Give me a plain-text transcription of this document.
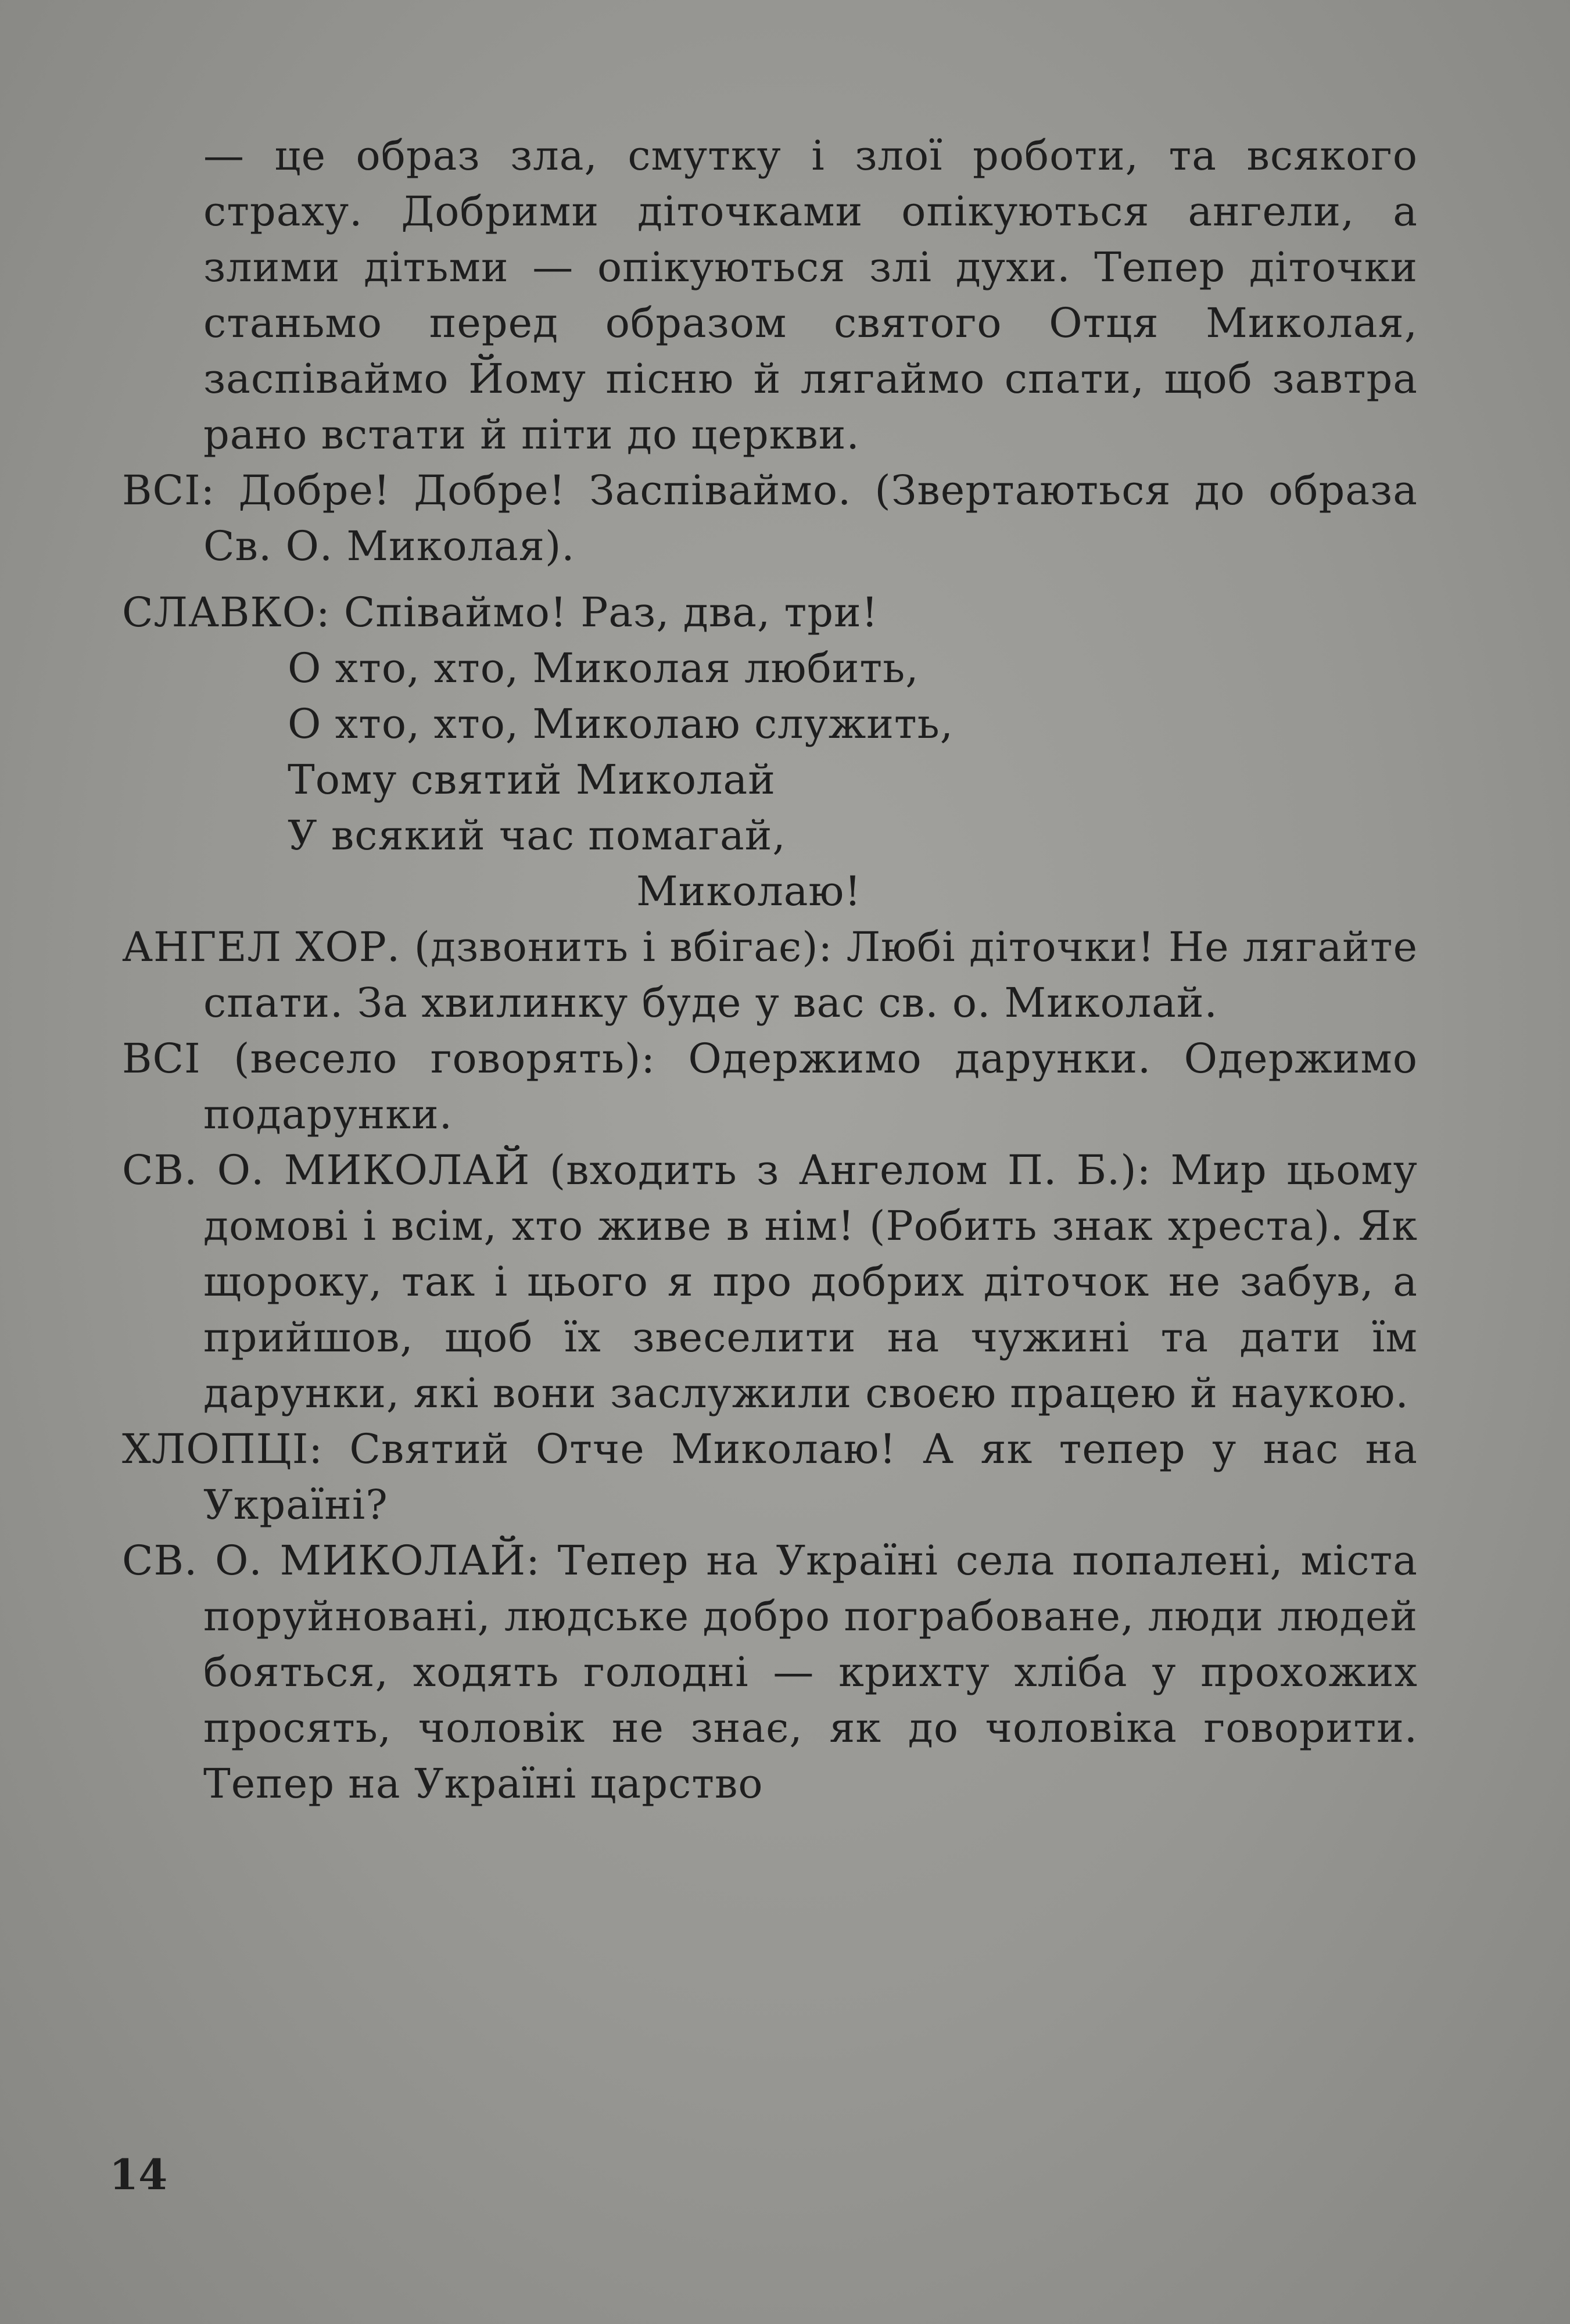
— це образ зла, смутку і злої роботи, та всякого страху. Добрими діточками опікуються ангели, а злими дітьми — опікуються злі духи. Тепер діточки станьмо перед образом святого Отця Миколая, заспіваймо Йому пісню й лягаймо спати, щоб завтра рано встати й піти до церкви.

ВСІ: Добре! Добре! Заспіваймо. (Звертаються до образа Св. О. Миколая).

СЛАВКО: Співаймо! Раз, два, три!

О хто, хто, Миколая любить,
О хто, хто, Миколаю служить,
Тому святий Миколай
У всякий час помагай,
Миколаю!

АНГЕЛ ХОР. (дзвонить і вбігає): Любі діточки! Не лягайте спати. За хвилинку буде у вас св. о. Миколай.

ВСІ (весело говорять): Одержимо дарунки. Одержимо подарунки.

СВ. О. МИКОЛАЙ (входить з Ангелом П. Б.): Мир цьому домові і всім, хто живе в нім! (Робить знак хреста). Як щороку, так і цього я про добрих діточок не забув, а прийшов, щоб їх звеселити на чужині та дати їм дарунки, які вони заслужили своєю працею й наукою.

ХЛОПЦІ: Святий Отче Миколаю! А як тепер у нас на Україні?

СВ. О. МИКОЛАЙ: Тепер на Україні села попалені, міста поруйновані, людське добро пограбоване, люди людей бояться, ходять голодні — крихту хліба у прохожих просять, чоловік не знає, як до чоловіка говорити. Тепер на Україні царство

14
